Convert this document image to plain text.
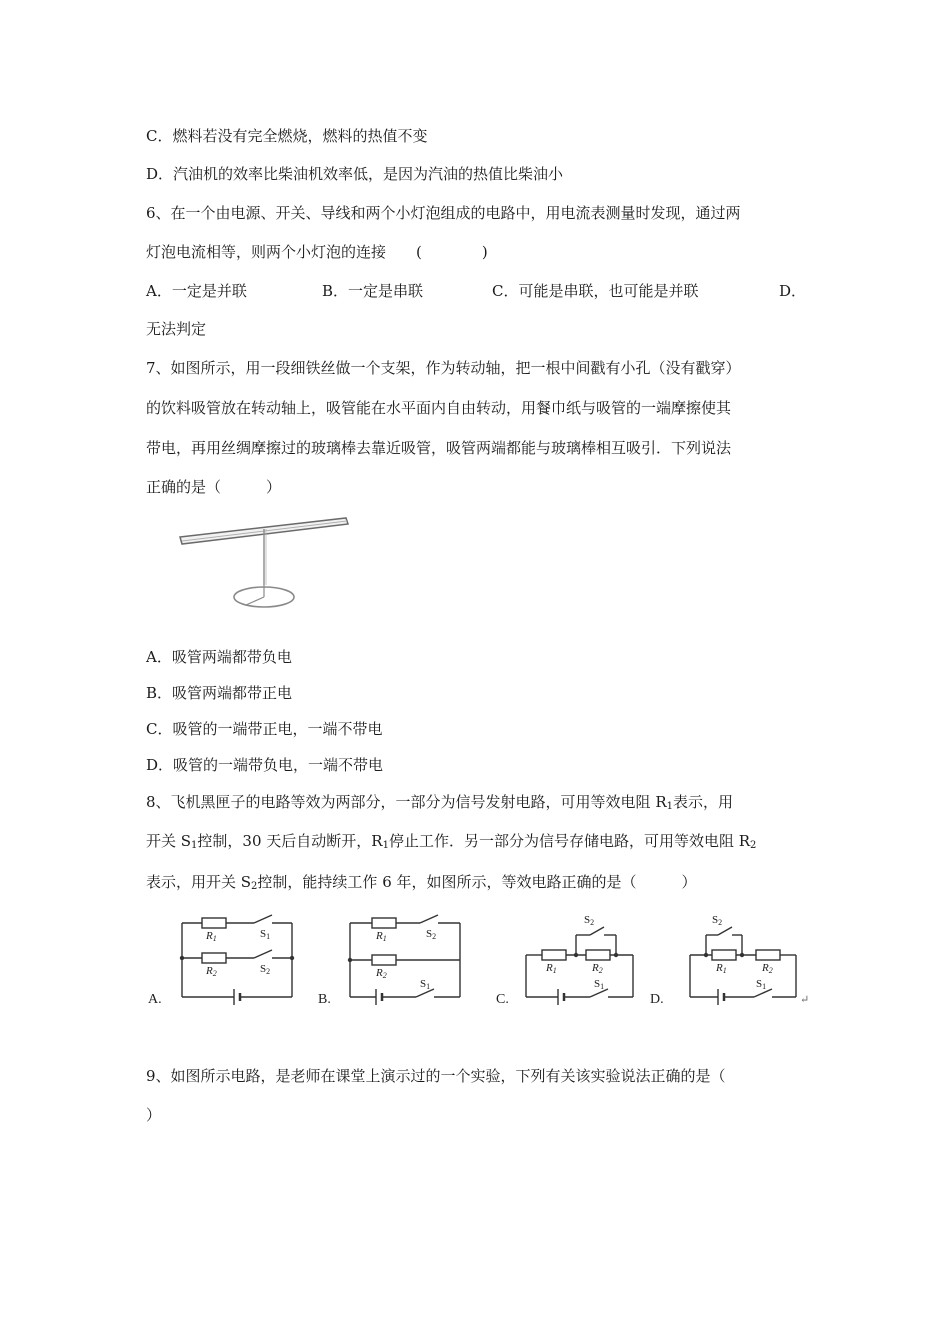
C．燃料若没有完全燃烧，燃料的热值不变
D．汽油机的效率比柴油机效率低，是因为汽油的热值比柴油小
6、在一个由电源、开关、导线和两个小灯泡组成的电路中，用电流表测量时发现，通过两
灯泡电流相等，则两个小灯泡的连接　　(　　　　)
A．一定是并联	B．一定是串联	C．可能是串联，也可能是并联	D．
无法判定
7、如图所示，用一段细铁丝做一个支架，作为转动轴，把一根中间戳有小孔（没有戳穿）
的饮料吸管放在转动轴上，吸管能在水平面内自由转动，用餐巾纸与吸管的一端摩擦使其
带电，再用丝绸摩擦过的玻璃棒去靠近吸管，吸管两端都能与玻璃棒相互吸引．下列说法
正确的是（　　　）
A．吸管两端都带负电
B．吸管两端都带正电
C．吸管的一端带正电，一端不带电
D．吸管的一端带负电，一端不带电
8、飞机黑匣子的电路等效为两部分，一部分为信号发射电路，可用等效电阻 $R_1$表示，用
开关 $S_1$控制，30 天后自动断开，$R_1$停止工作．另一部分为信号存储电路，可用等效电阻 $R_2$
表示，用开关 $S_2$控制，能持续工作 6 年，如图所示，等效电路正确的是（　　　）
R1	S1
R2	S2
R1	S2
R2
S1
S2
R1	R2
S1
S2
R1	R2
S1
A.	B.	C.	D.	↵
9、如图所示电路，是老师在课堂上演示过的一个实验，下列有关该实验说法正确的是（
）
